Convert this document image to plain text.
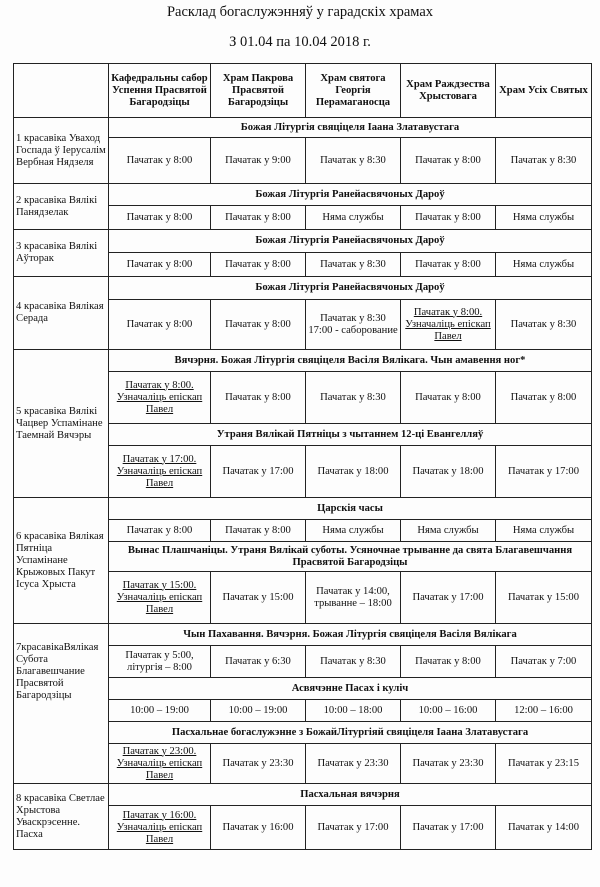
Расклад богаслужэнняў у гарадскіх храмах
З 01.04 па 10.04 2018 г.
	Кафедральны сабор Успення Прасвятой Багародзіцы	Храм Пакрова Прасвятой Багародзіцы	Храм святога Георгія Перамаганосца	Храм Раждзества Хрыстовага	Храм Усіх Святых
1 красавіка Увaход Госпада ў Іерусалім Вербная Нядзеля	Божая Літургія свяціцеля Іаана Златавустага				
	Пачатак у 8:00	Пачатак у 9:00	Пачатак у 8:30	Пачатак у 8:00	Пачатак у 8:30
2 красавіка Вялікі Панядзелак	Божая Літургія Ранейасвячоных Дароў				
	Пачатак у 8:00	Пачатак у 8:00	Няма службы	Пачатак у 8:00	Няма службы
3 красавіка Вялікі Аўторак	Божая Літургія Ранейасвячоных Дароў				
	Пачатак у 8:00	Пачатак у 8:00	Пачатак у 8:30	Пачатак у 8:00	Няма службы
4 красавіка Вялікая Серада	Божая Літургія Ранейасвячоных Дароў				
	Пачатак у 8:00	Пачатак у 8:00	Пачатак у 8:30 17:00 - саборование	Пачатак у 8:00. Узначаліць епіскап Павел	Пачатак у 8:30
5 красавіка Вялікі Чацвер Успамінане Таемнай Вячэры	Вячэрня. Божая Літургія свяціцеля Васіля Вялікага. Чын амавення ног*				
	Пачатак у 8:00. Узначаліць епіскап Павел	Пачатак у 8:00	Пачатак у 8:30	Пачатак у 8:00	Пачатак у 8:00
	Утраня Вялікай Пятніцы з чытаннем 12-ці Евангелляў				
	Пачатак у 17:00. Узначаліць епіскап Павел	Пачатак у 17:00	Пачатак у 18:00	Пачатак у 18:00	Пачатак у 17:00
6 красавіка Вялікая Пятніца Успамінане Крыжовых Пакут Ісуса Хрыста	Царскія часы				
	Пачатак у 8:00	Пачатак у 8:00	Няма службы	Няма службы	Няма службы
	Вынас Плашчаніцы. Утраня Вялікай суботы. Усяночнае трыванне да свята Благавешчання Прасвятой Багародзіцы				
	Пачатак у 15:00. Узначаліць епіскап Павел	Пачатак у 15:00	Пачатак у 14:00, трыванне – 18:00	Пачатак у 17:00	Пачатак у 15:00
7красавікаВялікая Субота Благавешчание Прасвятой Багародзіцы	Чын Пахавання. Вячэрня. Божая Літургія свяціцеля Васіля Вялікага				
	Пачатак у 5:00, літургія – 8:00	Пачатак у 6:30	Пачатак у 8:30	Пачатак у 8:00	Пачатак у 7:00
	Асвячэнне Пасах і куліч				
	10:00 – 19:00	10:00 – 19:00	10:00 – 18:00	10:00 – 16:00	12:00 – 16:00
	Пасхальнае богаслужэнне з БожайЛітургіяй свяціцеля Іаана Златавустага				
	Пачатак у 23:00. Узначаліць епіскап Павел	Пачатак у 23:30	Пачатак у 23:30	Пачатак у 23:30	Пачатак у 23:15
8 красавіка Светлае Хрыстова Уваскрэсенне. Пасха	Пасхальная вячэрня				
	Пачатак у 16:00. Узначаліць епіскап Павел	Пачатак у 16:00	Пачатак у 17:00	Пачатак у 17:00	Пачатак у 14:00
